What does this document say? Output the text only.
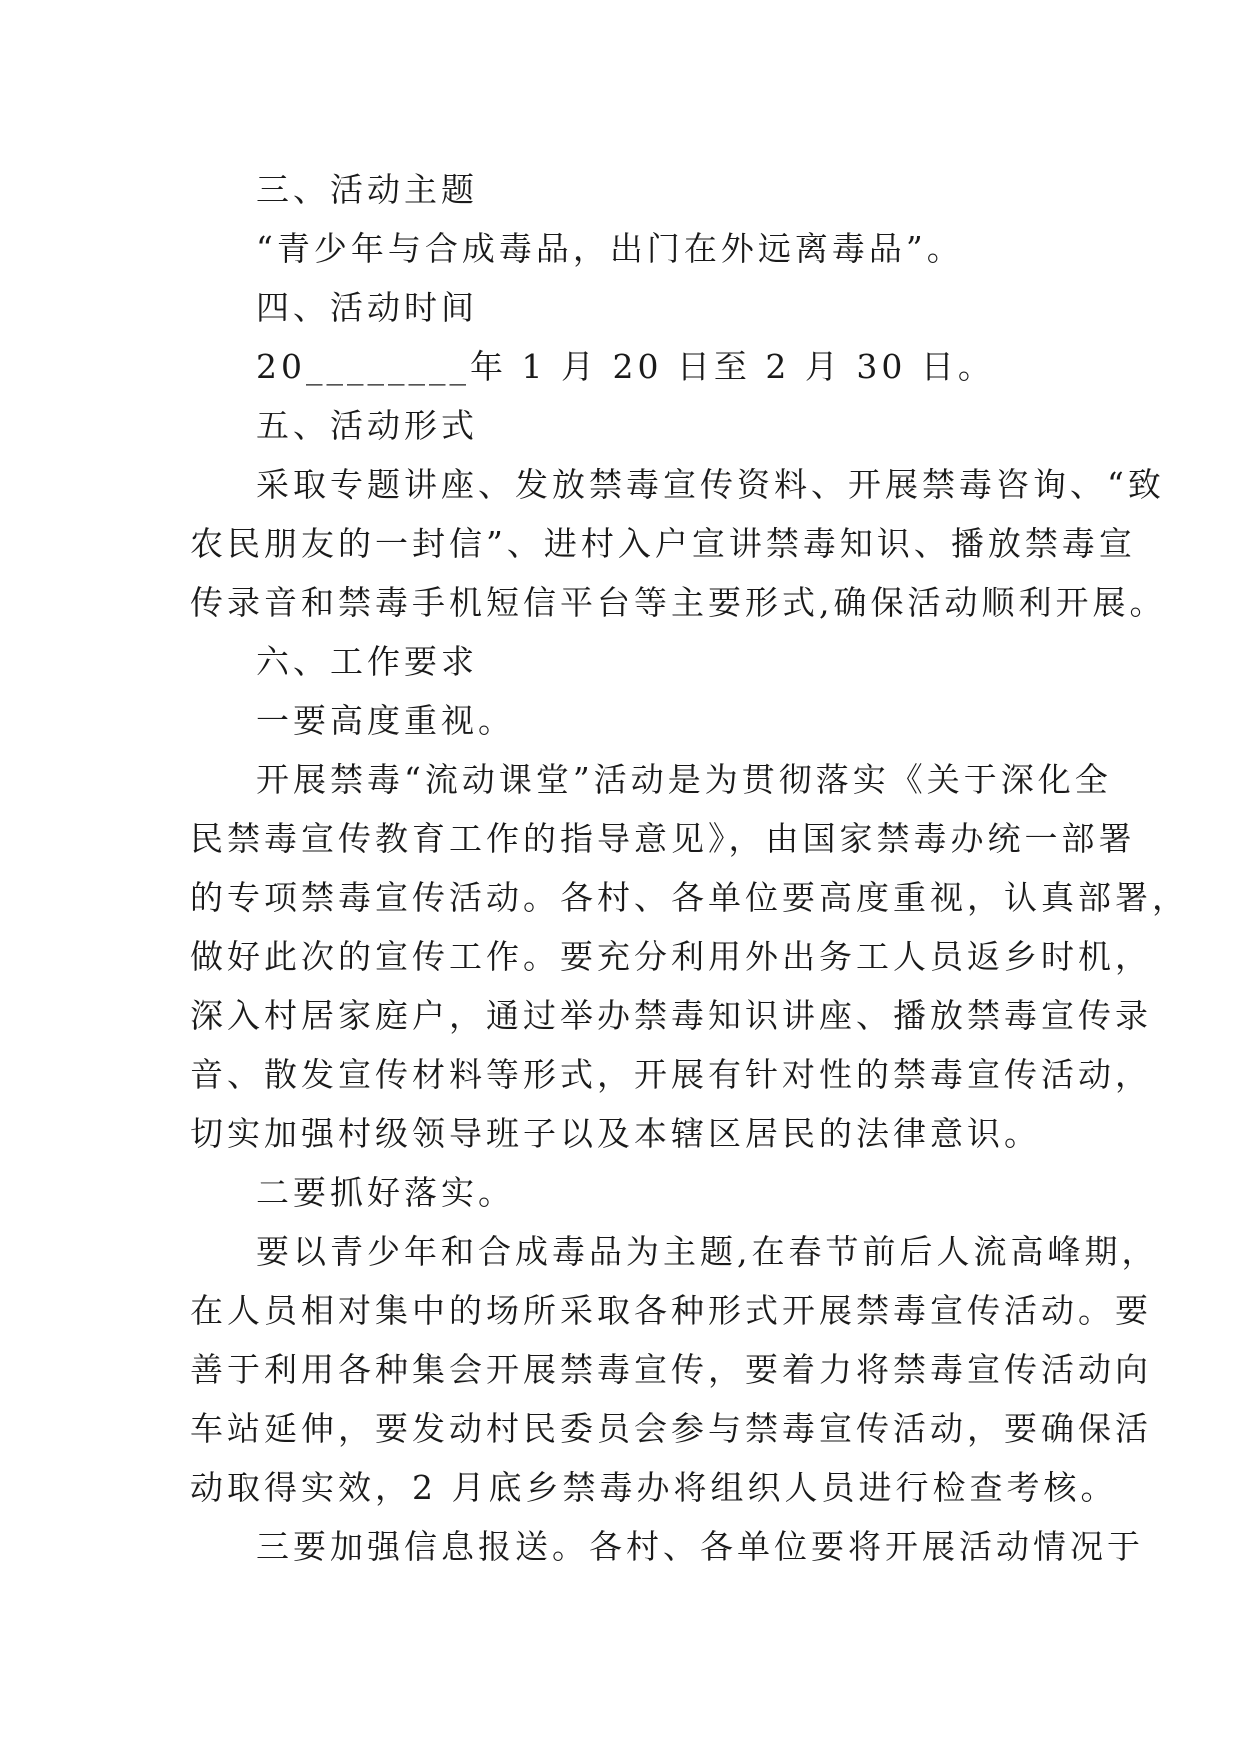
三、活动主题
“青少年与合成毒品，出门在外远离毒品”。
四、活动时间
20________年 1 月 20 日至 2 月 30 日。
五、活动形式
采取专题讲座、发放禁毒宣传资料、开展禁毒咨询、“致
农民朋友的一封信”、进村入户宣讲禁毒知识、播放禁毒宣
传录音和禁毒手机短信平台等主要形式,确保活动顺利开展。
六、工作要求
一要高度重视。
开展禁毒“流动课堂”活动是为贯彻落实《关于深化全
民禁毒宣传教育工作的指导意见》，由国家禁毒办统一部署
的专项禁毒宣传活动。各村、各单位要高度重视，认真部署，
做好此次的宣传工作。要充分利用外出务工人员返乡时机，
深入村居家庭户，通过举办禁毒知识讲座、播放禁毒宣传录
音、散发宣传材料等形式，开展有针对性的禁毒宣传活动，
切实加强村级领导班子以及本辖区居民的法律意识。
二要抓好落实。
要以青少年和合成毒品为主题,在春节前后人流高峰期，
在人员相对集中的场所采取各种形式开展禁毒宣传活动。要
善于利用各种集会开展禁毒宣传，要着力将禁毒宣传活动向
车站延伸，要发动村民委员会参与禁毒宣传活动，要确保活
动取得实效，2 月底乡禁毒办将组织人员进行检查考核。
三要加强信息报送。各村、各单位要将开展活动情况于
